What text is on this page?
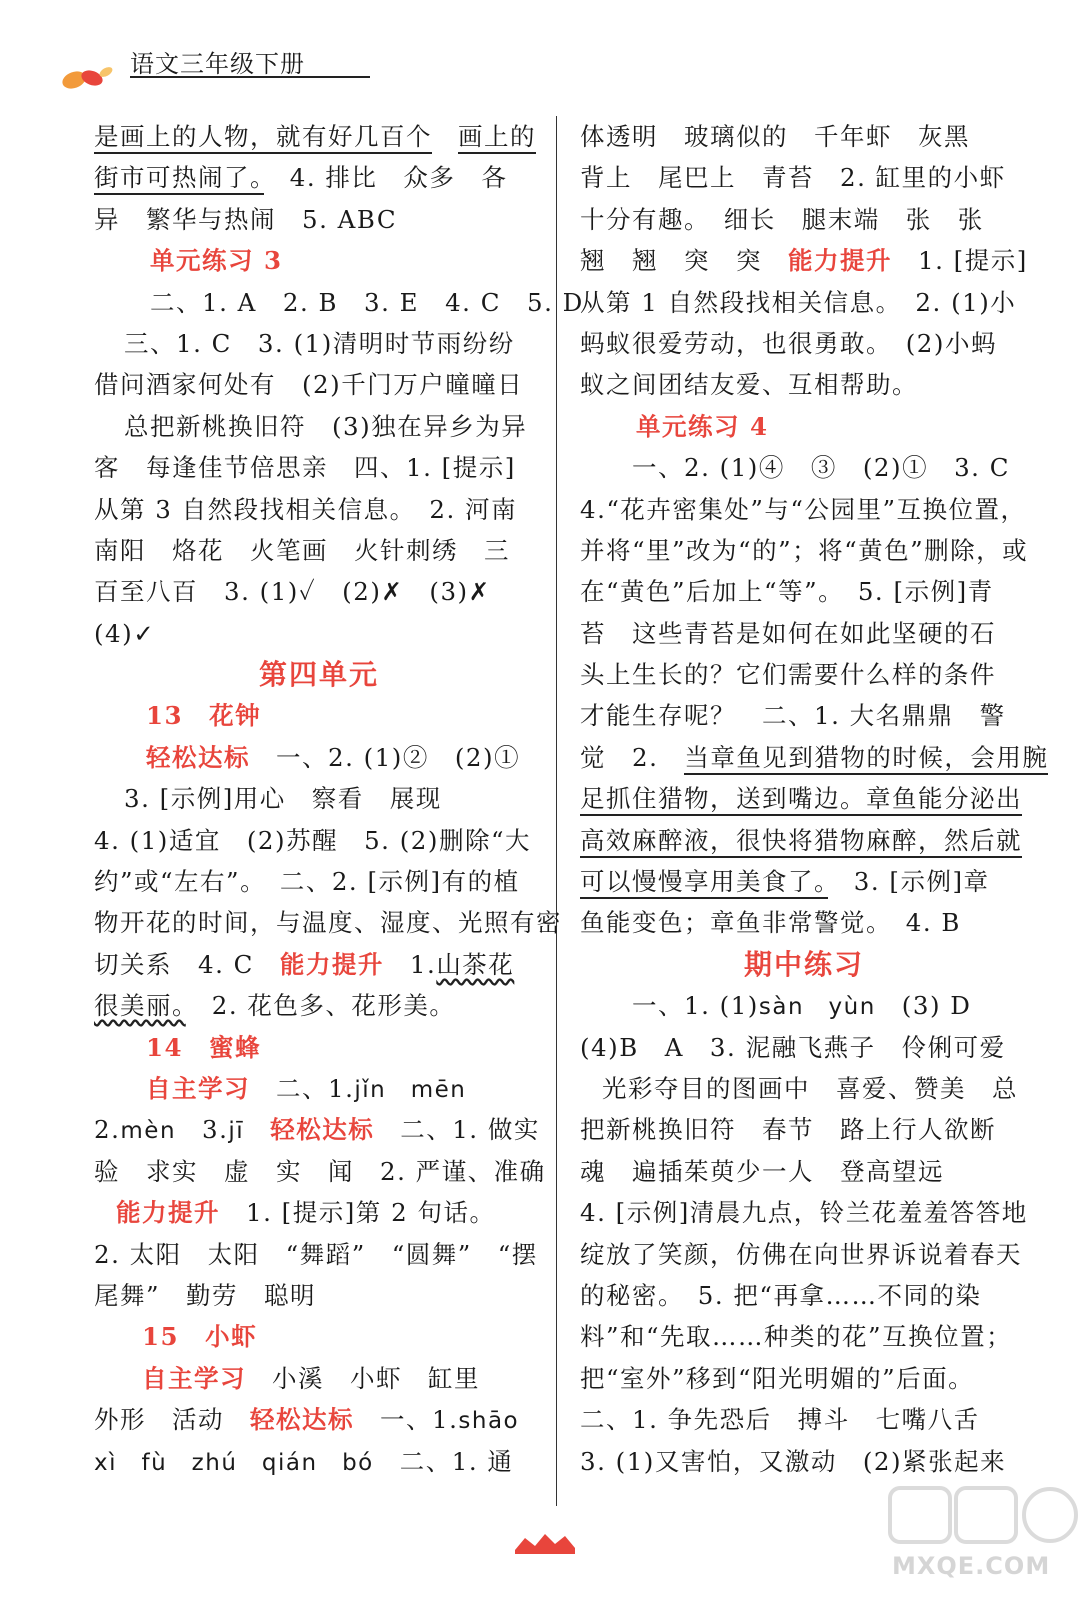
语文三年级下册
是画上的人物，就有好几百个　 画上的
街市可热闹了。　 4. 排比　众多　各
异　繁华与热闹　5. ABC
单元练习 3
二、1. A　2. B　3. E　4. C　5. D
三、1. C　3. (1)清明时节雨纷纷
借问酒家何处有　(2)千门万户曈曈日
总把新桃换旧符　(3)独在异乡为异
客　每逢佳节倍思亲　四、1. [提示]
从第 3 自然段找相关信息。　2. 河南
南阳　烙花　火笔画　火针刺绣　三
百至八百　3. (1)✓　(2)✗　(3)✗
(4)✓
第四单元
13　花钟
轻松达标　 一、2. (1)②　(2)①
3. [示例]用心　察看　展现
4. (1)适宜　(2)苏醒　5. (2)删除“大
约”或“左右”。　二、2. [示例]有的植
物开花的时间，与温度、湿度、光照有密
切关系　4. C　 能力提升　 1.山茶花
很美丽。　 2. 花色多、花形美。
14　蜜蜂
自主学习　 二、1.jǐn　mēn
2.mèn　 3.jī　 轻松达标　 二、1. 做实
验　求实　虚　实　闻　2. 严谨、准确
能力提升　 1. [提示]第 2 句话。
2. 太阳　太阳　“舞蹈”　“圆舞”　“摆
尾舞”　勤劳　聪明
15　小虾
自主学习　 小溪　小虾　缸里
外形　活动　 轻松达标　 一、1.shāo
xì　fù　zhú　qián　bó　 二、1. 通
体透明　玻璃似的　千年虾　灰黑
背上　尾巴上　青苔　2. 缸里的小虾
十分有趣。　细长　腿末端　张　张
翘　翘　突　突　 能力提升　 1. [提示]
从第 1 自然段找相关信息。　2. (1)小
蚂蚁很爱劳动，也很勇敢。　(2)小蚂
蚁之间团结友爱、互相帮助。
单元练习 4
一、2. (1)④　③　(2)①　3. C
4.“花卉密集处”与“公园里”互换位置，
并将“里”改为“的”；将“黄色”删除，或
在“黄色”后加上“等”。　5. [示例]青
苔　这些青苔是如何在如此坚硬的石
头上生长的？它们需要什么样的条件
才能生存呢？　二、1. 大名鼎鼎　警
觉　2.　 当章鱼见到猎物的时候，会用腕
足抓住猎物，送到嘴边。章鱼能分泌出
高效麻醉液，很快将猎物麻醉，然后就
可以慢慢享用美食了。　 3. [示例]章
鱼能变色；章鱼非常警觉。　4. B
期中练习
一、1. (1)sàn　yùn　 (3) D
(4)B　A　3. 泥融飞燕子　伶俐可爱
光彩夺目的图画中　喜爱、赞美　总
把新桃换旧符　春节　路上行人欲断
魂　遍插茱萸少一人　登高望远
4. [示例]清晨九点，铃兰花羞羞答答地
绽放了笑颜，仿佛在向世界诉说着春天
的秘密。　5. 把“再拿……不同的染
料”和“先取……种类的花”互换位置；
把“室外”移到“阳光明媚的”后面。
二、1. 争先恐后　搏斗　七嘴八舌
3. (1)又害怕，又激动　(2)紧张起来
MXQE.COM
